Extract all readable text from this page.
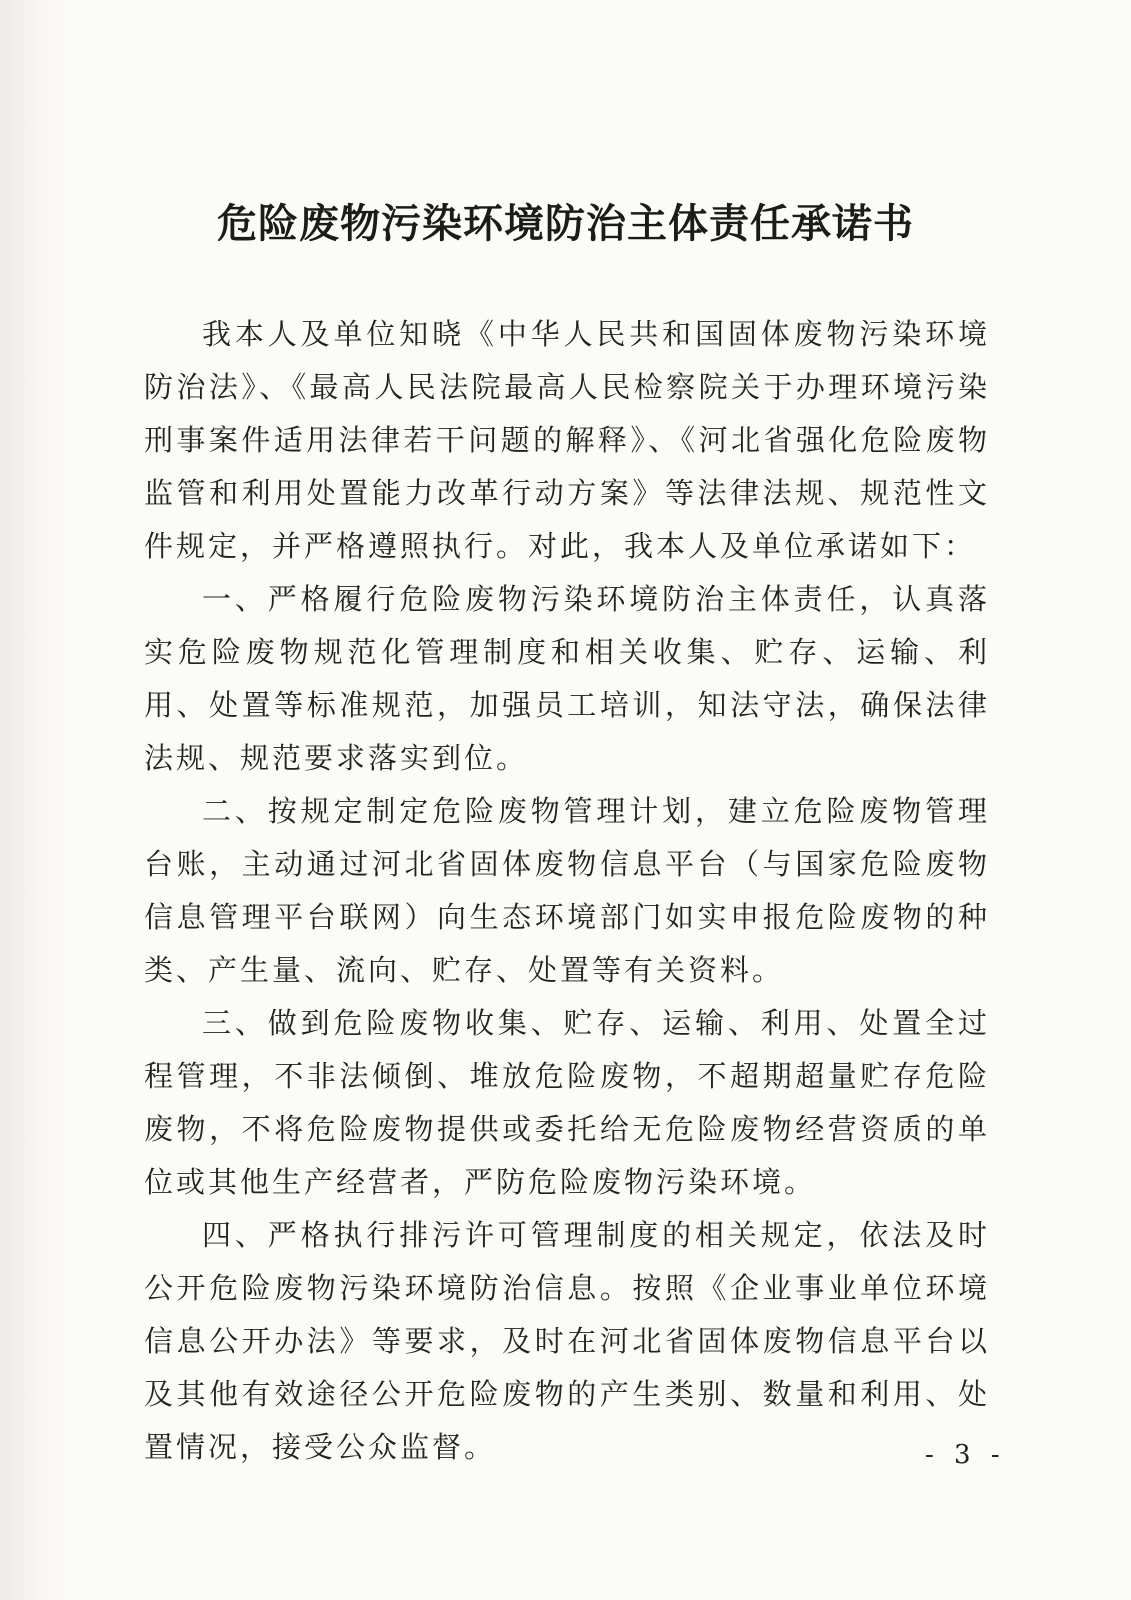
危险废物污染环境防治主体责任承诺书

我本人及单位知晓《中华人民共和国固体废物污染环境防治法》、《最高人民法院最高人民检察院关于办理环境污染刑事案件适用法律若干问题的解释》、《河北省强化危险废物监管和利用处置能力改革行动方案》等法律法规、规范性文件规定，并严格遵照执行。对此，我本人及单位承诺如下：

一、严格履行危险废物污染环境防治主体责任，认真落实危险废物规范化管理制度和相关收集、贮存、运输、利用、处置等标准规范，加强员工培训，知法守法，确保法律法规、规范要求落实到位。

二、按规定制定危险废物管理计划，建立危险废物管理台账，主动通过河北省固体废物信息平台（与国家危险废物信息管理平台联网）向生态环境部门如实申报危险废物的种类、产生量、流向、贮存、处置等有关资料。

三、做到危险废物收集、贮存、运输、利用、处置全过程管理，不非法倾倒、堆放危险废物，不超期超量贮存危险废物，不将危险废物提供或委托给无危险废物经营资质的单位或其他生产经营者，严防危险废物污染环境。

四、严格执行排污许可管理制度的相关规定，依法及时公开危险废物污染环境防治信息。按照《企业事业单位环境信息公开办法》等要求，及时在河北省固体废物信息平台以及其他有效途径公开危险废物的产生类别、数量和利用、处置情况，接受公众监督。	- 3 -
